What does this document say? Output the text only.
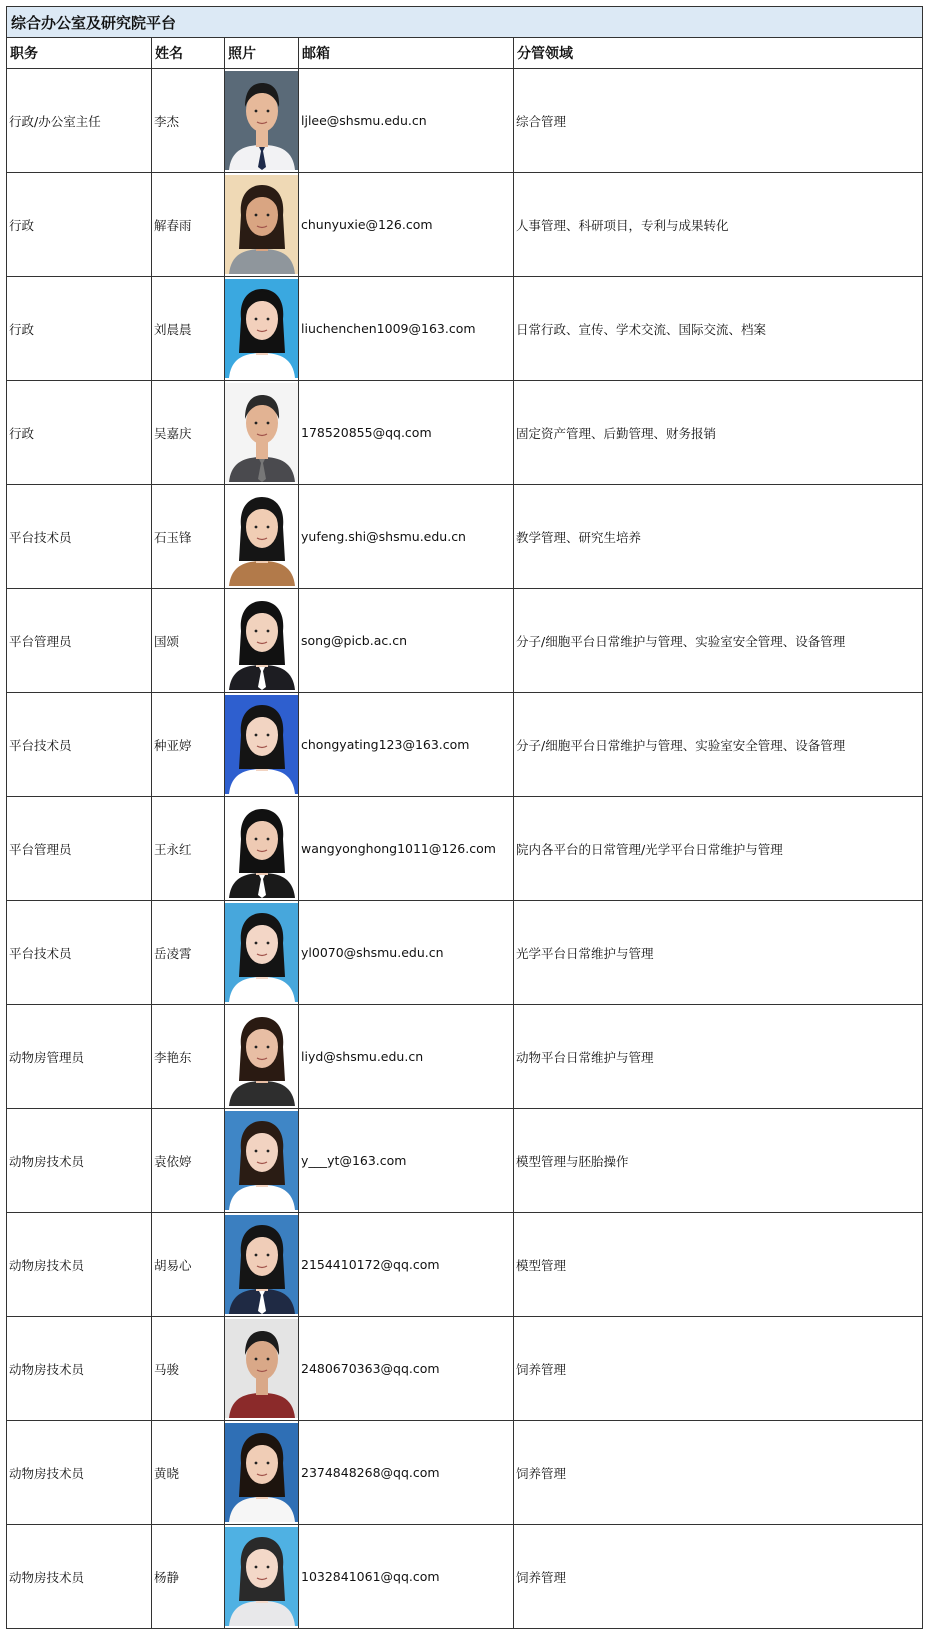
综合办公室及研究院平台				
职务	姓名	照片	邮箱	分管领域
行政/办公室主任	李杰		ljlee@shsmu.edu.cn	综合管理
行政	解春雨		chunyuxie@126.com	人事管理、科研项目，专利与成果转化
行政	刘晨晨		liuchenchen1009@163.com	日常行政、宣传、学术交流、国际交流、档案
行政	吴嘉庆		178520855@qq.com	固定资产管理、后勤管理、财务报销
平台技术员	石玉锋		yufeng.shi@shsmu.edu.cn	教学管理、研究生培养
平台管理员	国颂		song@picb.ac.cn	分子/细胞平台日常维护与管理、实验室安全管理、设备管理
平台技术员	种亚婷		chongyating123@163.com	分子/细胞平台日常维护与管理、实验室安全管理、设备管理
平台管理员	王永红		wangyonghong1011@126.com	院内各平台的日常管理/光学平台日常维护与管理
平台技术员	岳凌霄		yl0070@shsmu.edu.cn	光学平台日常维护与管理
动物房管理员	李艳东		liyd@shsmu.edu.cn	动物平台日常维护与管理
动物房技术员	袁依婷		y___yt@163.com	模型管理与胚胎操作
动物房技术员	胡易心		2154410172@qq.com	模型管理
动物房技术员	马骏		2480670363@qq.com	饲养管理
动物房技术员	黄晓		2374848268@qq.com	饲养管理
动物房技术员	杨静		1032841061@qq.com	饲养管理
